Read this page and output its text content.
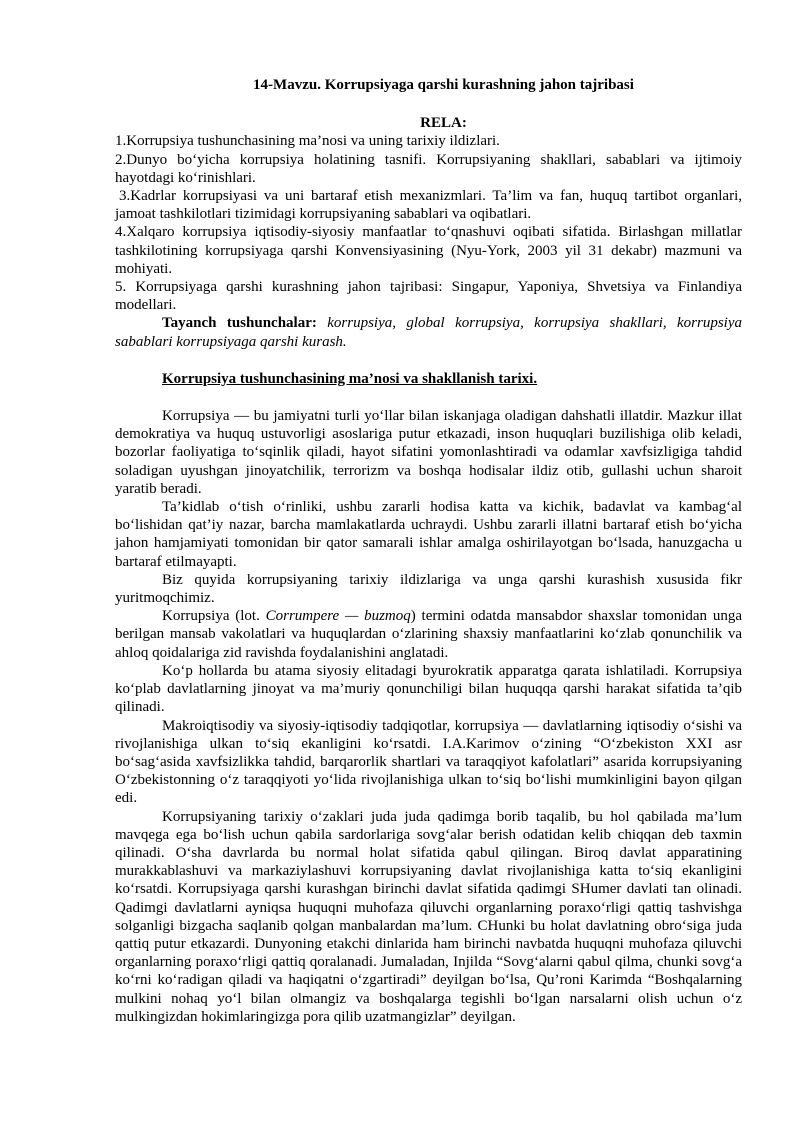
14-Mavzu. Korrupsiyaga qarshi kurashning jahon tajribasi

RELA:

1.Korrupsiya tushunchasining ma’nosi va uning tarixiy ildizlari.

2.Dunyo bo‘yicha korrupsiya holatining tasnifi. Korrupsiyaning shakllari, sabablari va ijtimoiy hayotdagi ko‘rinishlari.

3.Kadrlar korrupsiyasi va uni bartaraf etish mexanizmlari. Ta’lim va fan, huquq tartibot organlari, jamoat tashkilotlari tizimidagi korrupsiyaning sabablari va oqibatlari.

4.Xalqaro korrupsiya iqtisodiy-siyosiy manfaatlar to‘qnashuvi oqibati sifatida. Birlashgan millatlar tashkilotining korrupsiyaga qarshi Konvensiyasining (Nyu-York, 2003 yil 31 dekabr) mazmuni va mohiyati.

5. Korrupsiyaga qarshi kurashning jahon tajribasi: Singapur, Yaponiya, Shvetsiya va Finlandiya modellari.

Tayanch tushunchalar: korrupsiya, global korrupsiya, korrupsiya shakllari, korrupsiya sabablari korrupsiyaga qarshi kurash.

Korrupsiya tushunchasining ma’nosi va shakllanish tarixi.

Korrupsiya — bu jamiyatni turli yo‘llar bilan iskanjaga oladigan dahshatli illatdir. Mazkur illat demokratiya va huquq ustuvorligi asoslariga putur etkazadi, inson huquqlari buzilishiga olib keladi, bozorlar faoliyatiga to‘sqinlik qiladi, hayot sifatini yomonlashtiradi va odamlar xavfsizligiga tahdid soladigan uyushgan jinoyatchilik, terrorizm va boshqa hodisalar ildiz otib, gullashi uchun sharoit yaratib beradi.

Ta’kidlab o‘tish o‘rinliki, ushbu zararli hodisa katta va kichik, badavlat va kambag‘al bo‘lishidan qat’iy nazar, barcha mamlakatlarda uchraydi. Ushbu zararli illatni bartaraf etish bo‘yicha jahon hamjamiyati tomonidan bir qator samarali ishlar amalga oshirilayotgan bo‘lsada, hanuzgacha u bartaraf etilmayapti.

Biz quyida korrupsiyaning tarixiy ildizlariga va unga qarshi kurashish xususida fikr yuritmoqchimiz.

Korrupsiya (lot. Corrumpere — buzmoq) termini odatda mansabdor shaxslar tomonidan unga berilgan mansab vakolatlari va huquqlardan o‘zlarining shaxsiy manfaatlarini ko‘zlab qonunchilik va ahloq qoidalariga zid ravishda foydalanishini anglatadi.

Ko‘p hollarda bu atama siyosiy elitadagi byurokratik apparatga qarata ishlatiladi. Korrupsiya ko‘plab davlatlarning jinoyat va ma’muriy qonunchiligi bilan huquqqa qarshi harakat sifatida ta’qib qilinadi.

Makroiqtisodiy va siyosiy-iqtisodiy tadqiqotlar, korrupsiya — davlatlarning iqtisodiy o‘sishi va rivojlanishiga ulkan to‘siq ekanligini ko‘rsatdi. I.A.Karimov o‘zining “O‘zbekiston XXI asr bo‘sag‘asida xavfsizlikka tahdid, barqarorlik shartlari va taraqqiyot kafolatlari” asarida korrupsiyaning O‘zbekistonning o‘z taraqqiyoti yo‘lida rivojlanishiga ulkan to‘siq bo‘lishi mumkinligini bayon qilgan edi.

Korrupsiyaning tarixiy o‘zaklari juda juda qadimga borib taqalib, bu hol qabilada ma’lum mavqega ega bo‘lish uchun qabila sardorlariga sovg‘alar berish odatidan kelib chiqqan deb taxmin qilinadi. O‘sha davrlarda bu normal holat sifatida qabul qilingan. Biroq davlat apparatining murakkablashuvi va markaziylashuvi korrupsiyaning davlat rivojlanishiga katta to‘siq ekanligini ko‘rsatdi. Korrupsiyaga qarshi kurashgan birinchi davlat sifatida qadimgi SHumer davlati tan olinadi. Qadimgi davlatlarni ayniqsa huquqni muhofaza qiluvchi organlarning poraxo‘rligi qattiq tashvishga solganligi bizgacha saqlanib qolgan manbalardan ma’lum. CHunki bu holat davlatning obro‘siga juda qattiq putur etkazardi. Dunyoning etakchi dinlarida ham birinchi navbatda huquqni muhofaza qiluvchi organlarning poraxo‘rligi qattiq qoralanadi. Jumaladan, Injilda “Sovg‘alarni qabul qilma, chunki sovg‘a ko‘rni ko‘radigan qiladi va haqiqatni o‘zgartiradi” deyilgan bo‘lsa, Qu’roni Karimda “Boshqalarning mulkini nohaq yo‘l bilan olmangiz va boshqalarga tegishli bo‘lgan narsalarni olish uchun o‘z mulkingizdan hokimlaringizga pora qilib uzatmangizlar” deyilgan.
